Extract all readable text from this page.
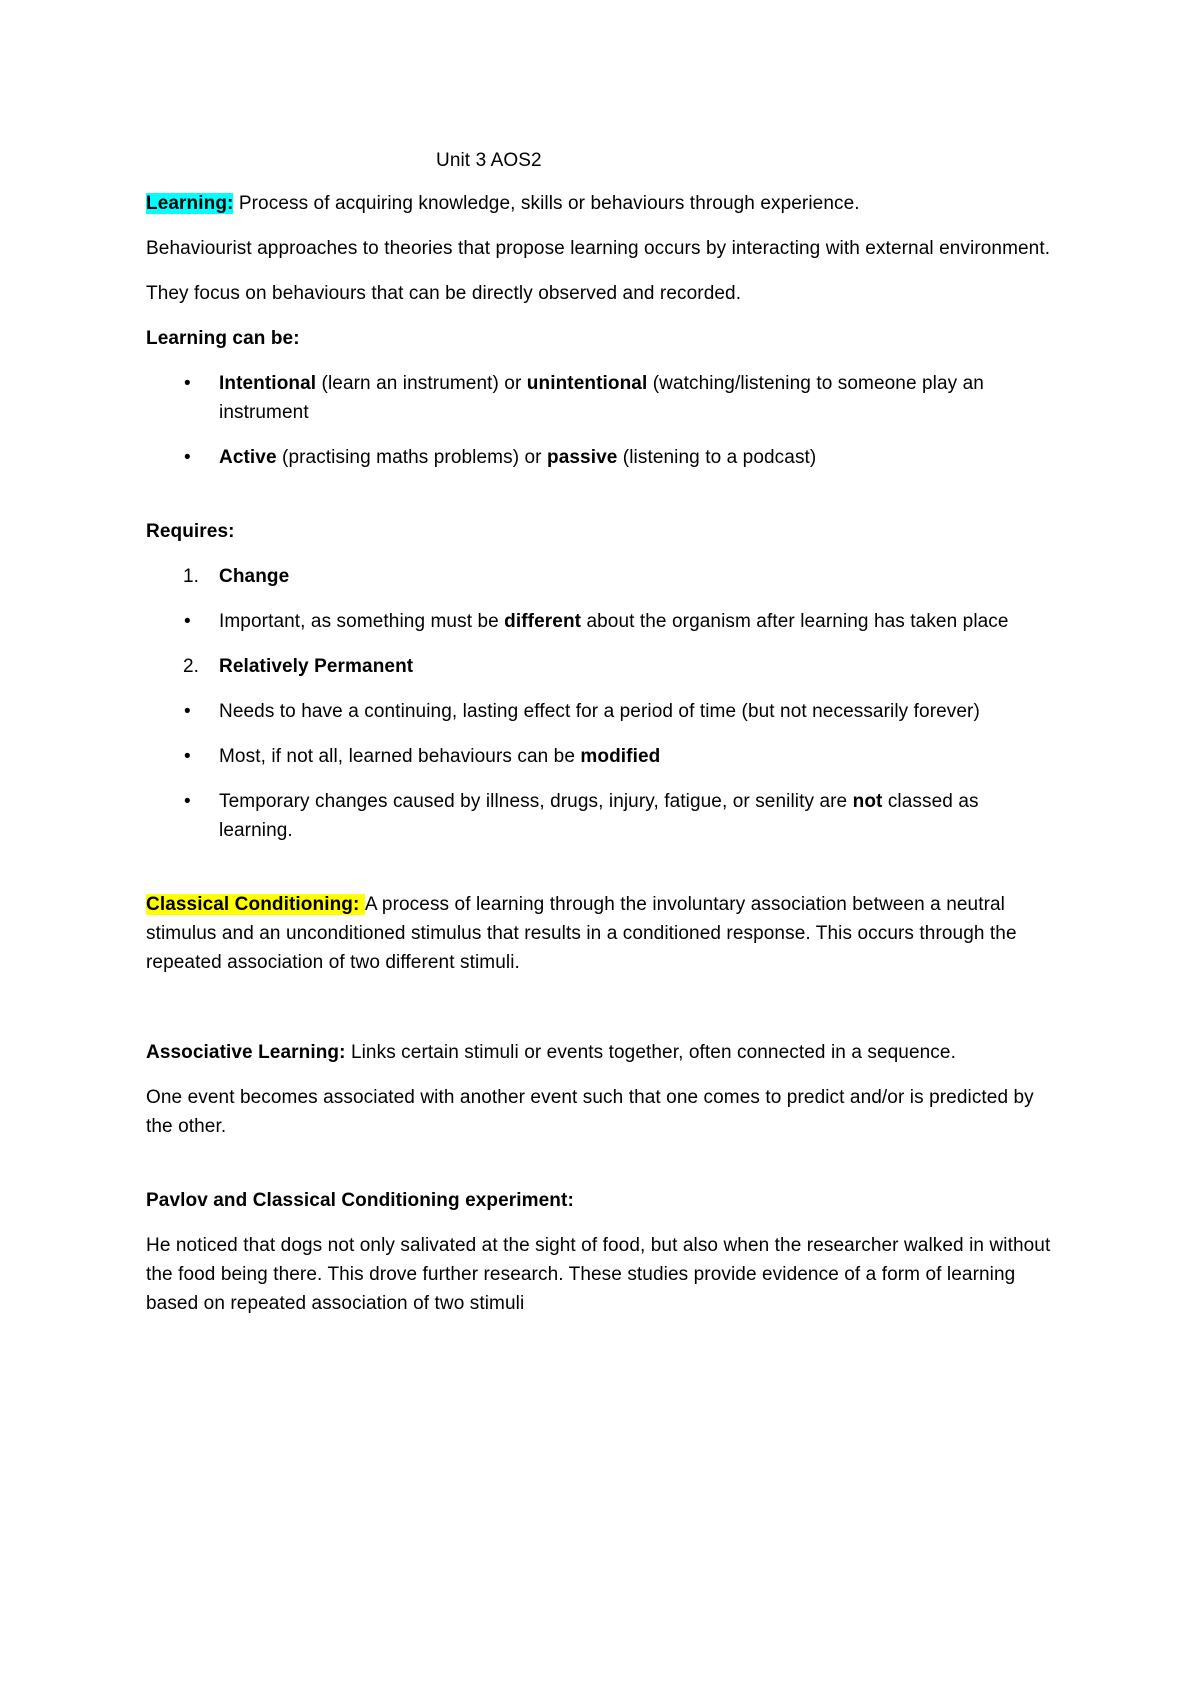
Unit 3 AOS2

Learning: Process of acquiring knowledge, skills or behaviours through experience.

Behaviourist approaches to theories that propose learning occurs by interacting with external environment.

They focus on behaviours that can be directly observed and recorded.

Learning can be:

• Intentional (learn an instrument) or unintentional (watching/listening to someone play an instrument
• Active (practising maths problems) or passive (listening to a podcast)

Requires:

1. Change
• Important, as something must be different about the organism after learning has taken place
2. Relatively Permanent
• Needs to have a continuing, lasting effect for a period of time (but not necessarily forever)
• Most, if not all, learned behaviours can be modified
• Temporary changes caused by illness, drugs, injury, fatigue, or senility are not classed as learning.

Classical Conditioning: A process of learning through the involuntary association between a neutral stimulus and an unconditioned stimulus that results in a conditioned response. This occurs through the repeated association of two different stimuli.

Associative Learning: Links certain stimuli or events together, often connected in a sequence.

One event becomes associated with another event such that one comes to predict and/or is predicted by the other.

Pavlov and Classical Conditioning experiment:

He noticed that dogs not only salivated at the sight of food, but also when the researcher walked in without the food being there. This drove further research. These studies provide evidence of a form of learning based on repeated association of two stimuli
